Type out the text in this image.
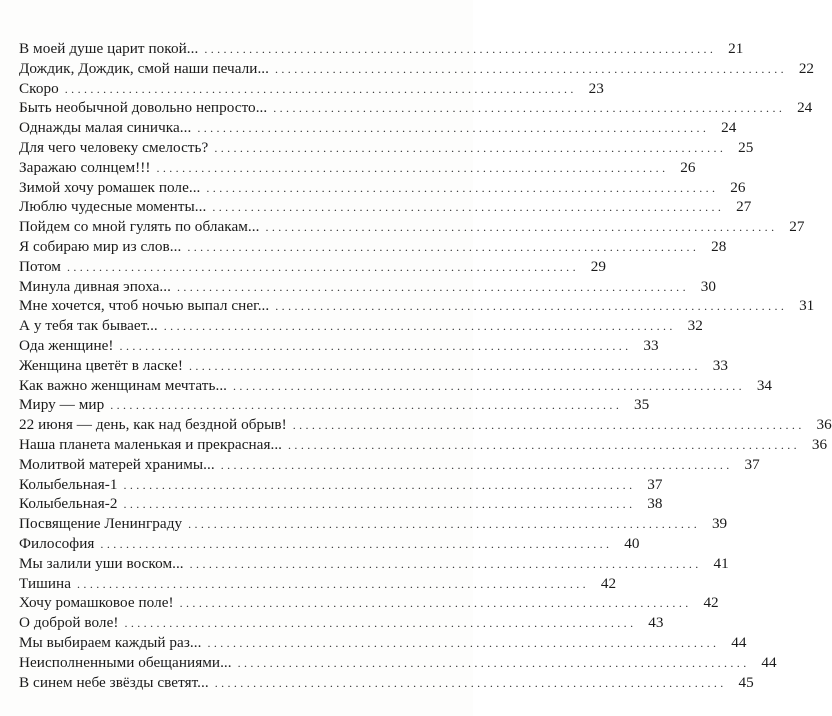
В моей душе царит покой... ................................................................................ 21
Дождик, Дождик, смой наши печали... ................................................................................ 22
Скоро ................................................................................ 23
Быть необычной довольно непросто... ................................................................................ 24
Однажды малая синичка... ................................................................................ 24
Для чего человеку смелость? ................................................................................ 25
Заражаю солнцем!!! ................................................................................ 26
Зимой хочу ромашек поле... ................................................................................ 26
Люблю чудесные моменты... ................................................................................ 27
Пойдем со мной гулять по облакам... ................................................................................ 27
Я собираю мир из слов... ................................................................................ 28
Потом ................................................................................ 29
Минула дивная эпоха... ................................................................................ 30
Мне хочется, чтоб ночью выпал снег... ................................................................................ 31
А у тебя так бывает... ................................................................................ 32
Ода женщине! ................................................................................ 33
Женщина цветёт в ласке! ................................................................................ 33
Как важно женщинам мечтать... ................................................................................ 34
Миру — мир ................................................................................ 35
22 июня — день, как над бездной обрыв! ................................................................................ 36
Наша планета маленькая и прекрасная... ................................................................................ 36
Молитвой матерей хранимы... ................................................................................ 37
Колыбельная-1 ................................................................................ 37
Колыбельная-2 ................................................................................ 38
Посвящение Ленинграду ................................................................................ 39
Философия ................................................................................ 40
Мы залили уши воском... ................................................................................ 41
Тишина ................................................................................ 42
Хочу ромашковое поле! ................................................................................ 42
О доброй воле! ................................................................................ 43
Мы выбираем каждый раз... ................................................................................ 44
Неисполненными обещаниями... ................................................................................ 44
В синем небе звёзды светят... ................................................................................ 45
